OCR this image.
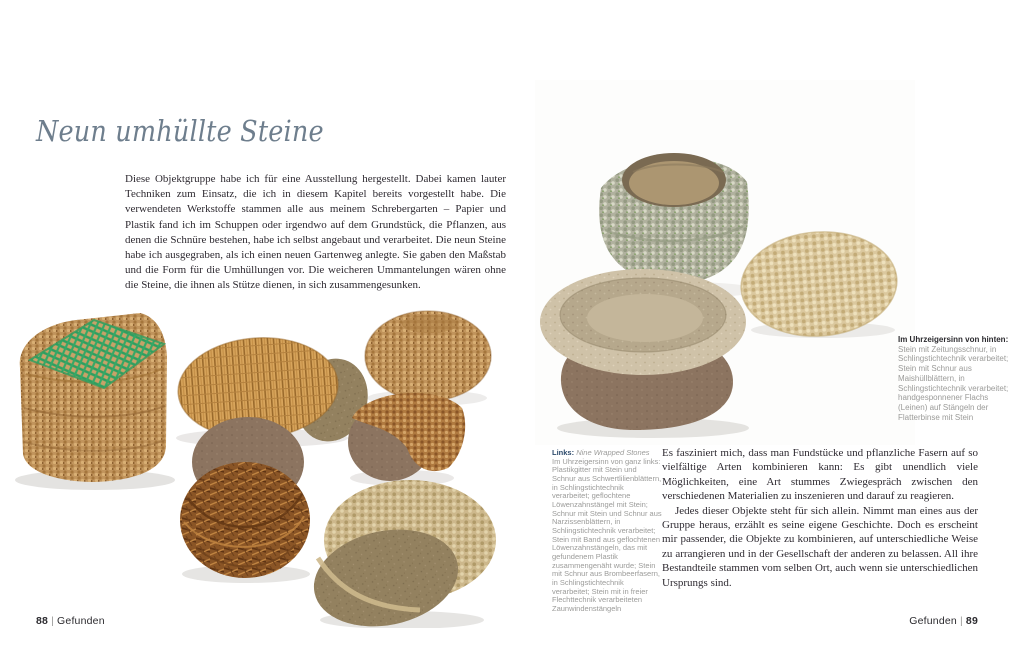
Neun umhüllte Steine

Diese Objektgruppe habe ich für eine Ausstellung hergestellt. Dabei kamen lauter Techniken zum Einsatz, die ich in diesem Kapitel bereits vorgestellt habe. Die verwendeten Werkstoffe stammen alle aus meinem Schrebergarten – Papier und Plastik fand ich im Schuppen oder irgendwo auf dem Grundstück, die Pflanzen, aus denen die Schnüre bestehen, habe ich selbst angebaut und verarbeitet. Die neun Steine habe ich ausgegraben, als ich einen neuen Gartenweg anlegte. Sie gaben den Maßstab und die Form für die Umhüllungen vor. Die weicheren Ummantelungen wären ohne die Steine, die ihnen als Stütze dienen, in sich zusammengesunken.

88 | Gefunden
Im Uhrzeigersinn von hinten: Stein mit Zeitungsschnur, in Schlingstichtechnik verarbeitet; Stein mit Schnur aus Maishüllblättern, in Schlingstichtechnik verarbeitet; handgesponnener Flachs (Leinen) auf Stängeln der Flatterbinse mit Stein
Links: Nine Wrapped Stones
Im Uhrzeigersinn von ganz links: Plastikgitter mit Stein und Schnur aus Schwertlilienblättern, in Schlingstichtechnik verarbeitet; geflochtene Löwenzahnstängel mit Stein; Schnur mit Stein und Schnur aus Narzissenblättern, in Schlingstichtechnik verarbeitet; Stein mit Band aus geflochtenen Löwenzahnstängeln, das mit gefundenem Plastik zusammengenäht wurde; Stein mit Schnur aus Brombeerfasern, in Schlingstichtechnik verarbeitet; Stein mit in freier Flechttechnik verarbeiteten Zaunwindenstängeln

Es fasziniert mich, dass man Fundstücke und pflanzliche Fasern auf so vielfältige Arten kombinieren kann: Es gibt unendlich viele Möglichkeiten, eine Art stummes Zwiegespräch zwischen den verschiedenen Materialien zu inszenieren und darauf zu reagieren.

Jedes dieser Objekte steht für sich allein. Nimmt man eines aus der Gruppe heraus, erzählt es seine eigene Geschichte. Doch es erscheint mir passender, die Objekte zu kombinieren, auf unterschiedliche Weise zu arrangieren und in der Gesellschaft der anderen zu belassen. All ihre Bestandteile stammen vom selben Ort, auch wenn sie unterschiedlichen Ursprungs sind.

Gefunden | 89
